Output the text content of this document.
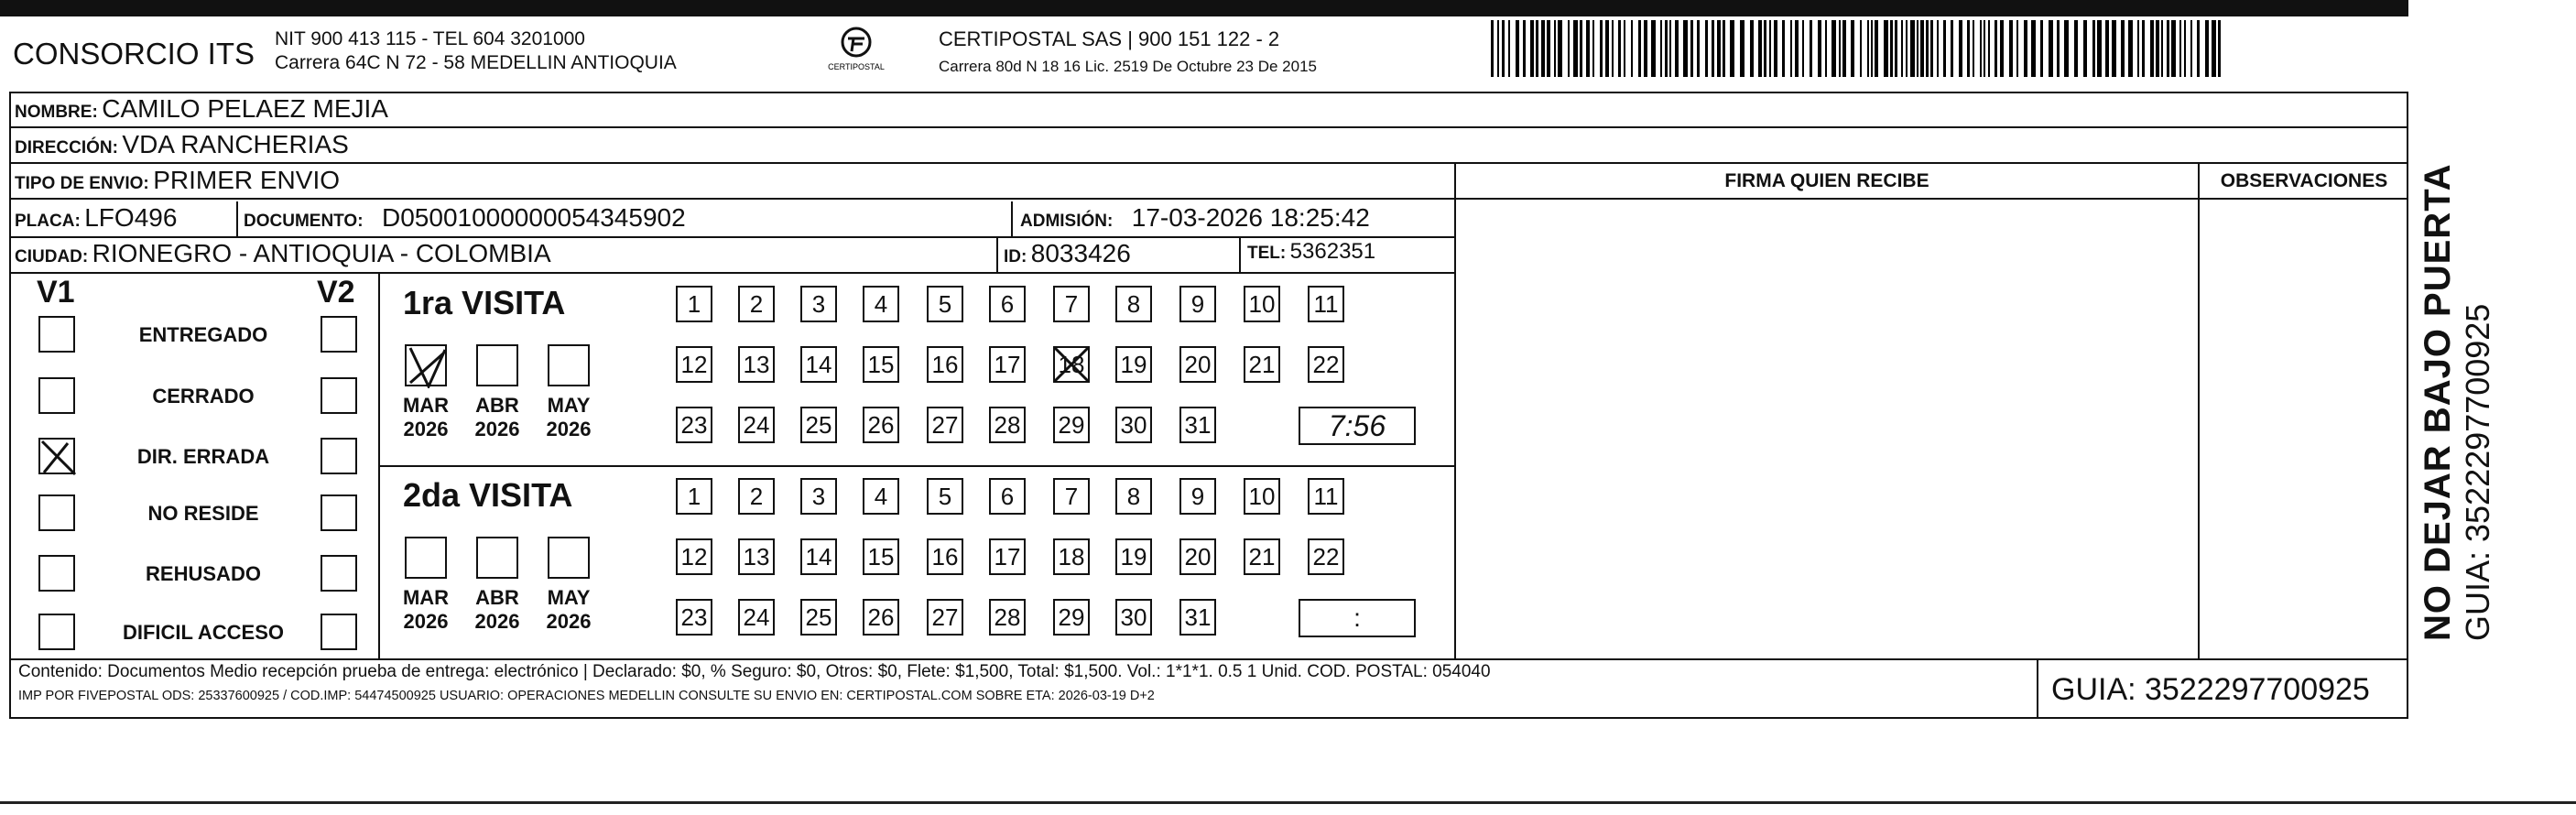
CONSORCIO ITS NIT 900 413 115 - TEL 604 3201000
Carrera 64C N 72 - 58 MEDELLIN ANTIOQUIA	CERTIPOSTAL
CERTIPOSTAL SAS | 900 151 122 - 2
Carrera 80d N 18 16 Lic. 2519 De Octubre 23 De 2015
NOMBRE: CAMILO PELAEZ MEJIA
DIRECCIÓN: VDA RANCHERIAS
TIPO DE ENVIO: PRIMER ENVIO
PLACA: LFO496	DOCUMENTO: D05001000000054345902	ADMISIÓN: 17-03-2026 18:25:42
CIUDAD: RIONEGRO - ANTIOQUIA - COLOMBIA	ID: 8033426	TEL: 5362351
FIRMA QUIEN RECIBE	OBSERVACIONES
V1	V2
ENTREGADO
CERRADO
DIR. ERRADA
NO RESIDE
REHUSADO
DIFICIL ACCESO
1ra VISITA
MAR
2026
ABR
2026
MAY
2026
1	2	3	4	5	6	7	8	9	10 11
12 13 14 15 16 17 18 19 20 21 22
23 24 25 26 27 28 29 30 31	7:56
2da VISITA
MAR
2026
ABR
2026
MAY
2026
1	2	3	4	5	6	7	8	9	10 11
12 13 14 15 16 17 18 19 20 21 22
23 24 25 26 27 28 29 30 31	:
Contenido: Documentos Medio recepción prueba de entrega: electrónico | Declarado: $0, % Seguro: $0, Otros: $0, Flete: $1,500, Total: $1,500. Vol.: 1*1*1. 0.5 1 Unid. COD. POSTAL: 054040
IMP POR FIVEPOSTAL ODS: 25337600925 / COD.IMP: 54474500925 USUARIO: OPERACIONES MEDELLIN CONSULTE SU ENVIO EN: CERTIPOSTAL.COM SOBRE ETA: 2026-03-19 D+2	GUIA: 3522297700925
NO DEJAR BAJO PUERTA GUIA: 3522297700925
